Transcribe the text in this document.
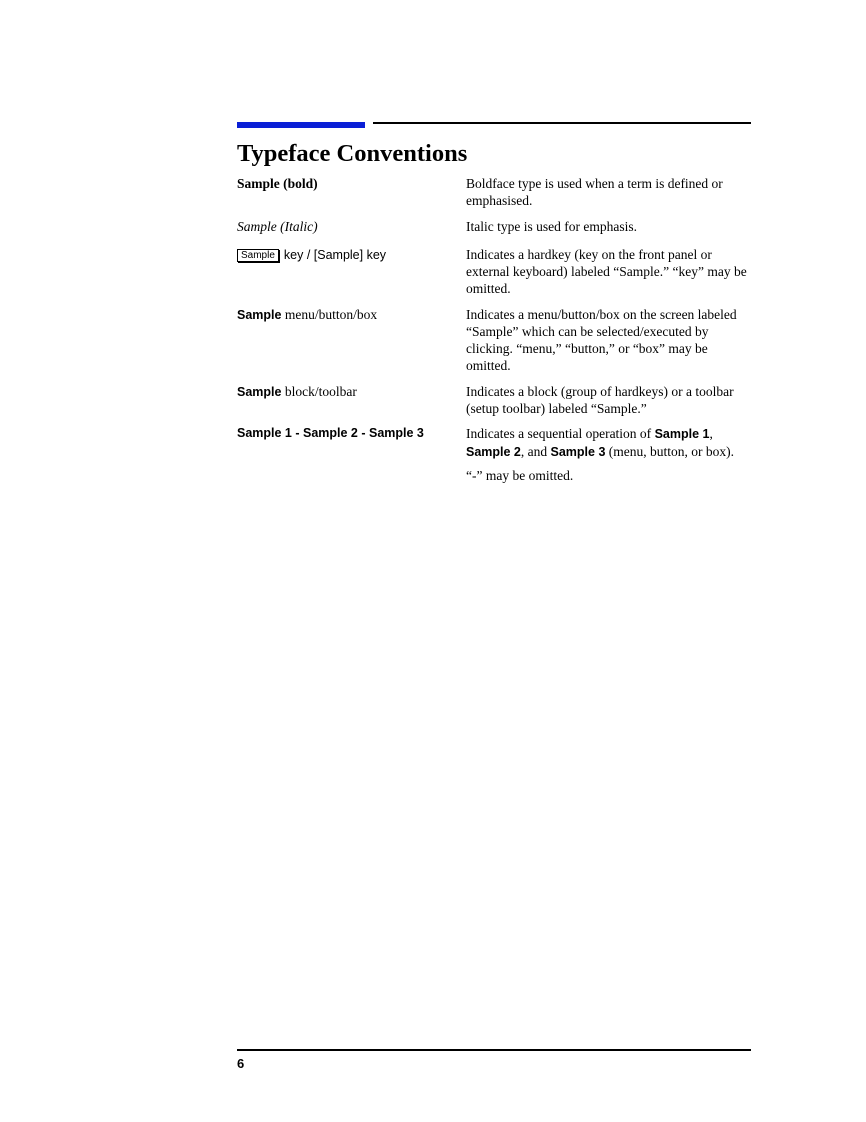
Typeface Conventions
Sample (bold)	Boldface type is used when a term is defined or emphasised.
Sample (Italic)	Italic type is used for emphasis.
Sample key / [Sample] key	Indicates a hardkey (key on the front panel or external keyboard) labeled “Sample.” “key” may be omitted.
Sample menu/button/box	Indicates a menu/button/box on the screen labeled “Sample” which can be selected/executed by clicking. “menu,” “button,” or “box” may be omitted.
Sample block/toolbar	Indicates a block (group of hardkeys) or a toolbar (setup toolbar) labeled “Sample.”
Sample 1 - Sample 2 - Sample 3	Indicates a sequential operation of Sample 1, Sample 2, and Sample 3 (menu, button, or box).
“-” may be omitted.
6
